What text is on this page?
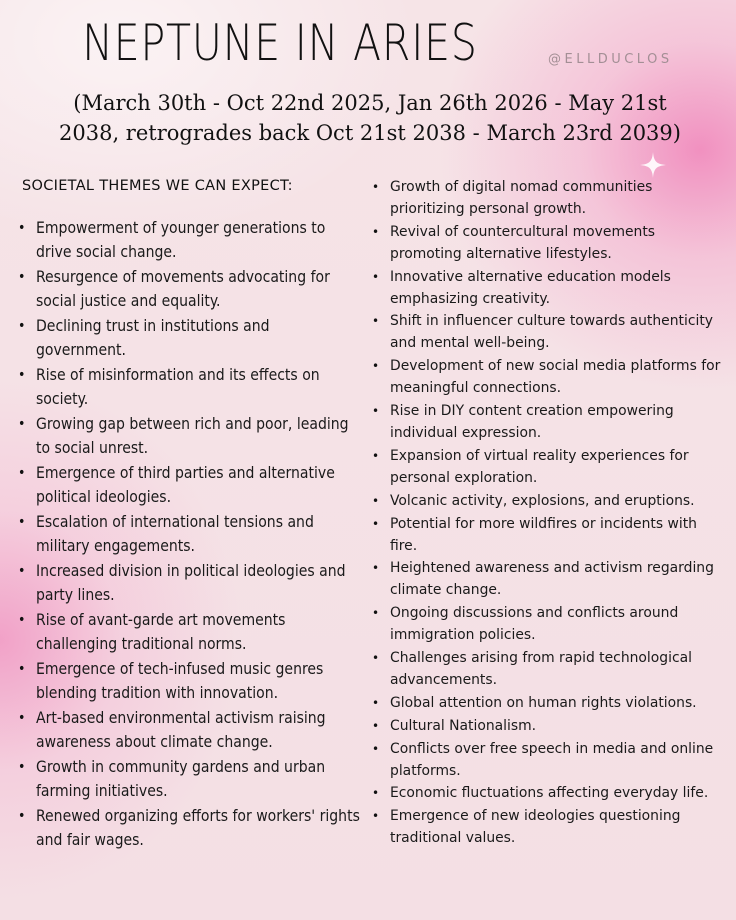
NEPTUNE IN ARIES	@ELLDUCLOS
(March 30th - Oct 22nd 2025, Jan 26th 2026 - May 21st
2038, retrogrades back Oct 21st 2038 - March 23rd 2039)
SOCIETAL THEMES WE CAN EXPECT:
• Empowerment of younger generations to drive social change.
• Resurgence of movements advocating for social justice and equality.
• Declining trust in institutions and government.
• Rise of misinformation and its effects on society.
• Growing gap between rich and poor, leading to social unrest.
• Emergence of third parties and alternative political ideologies.
• Escalation of international tensions and military engagements.
• Increased division in political ideologies and party lines.
• Rise of avant-garde art movements challenging traditional norms.
• Emergence of tech-infused music genres blending tradition with innovation.
• Art-based environmental activism raising awareness about climate change.
• Growth in community gardens and urban farming initiatives.
• Renewed organizing efforts for workers' rights and fair wages.
• Growth of digital nomad communities prioritizing personal growth.
• Revival of countercultural movements promoting alternative lifestyles.
• Innovative alternative education models emphasizing creativity.
• Shift in influencer culture towards authenticity and mental well-being.
• Development of new social media platforms for meaningful connections.
• Rise in DIY content creation empowering individual expression.
• Expansion of virtual reality experiences for personal exploration.
• Volcanic activity, explosions, and eruptions.
• Potential for more wildfires or incidents with fire.
• Heightened awareness and activism regarding climate change.
• Ongoing discussions and conflicts around immigration policies.
• Challenges arising from rapid technological advancements.
• Global attention on human rights violations.
• Cultural Nationalism.
• Conflicts over free speech in media and online platforms.
• Economic fluctuations affecting everyday life.
• Emergence of new ideologies questioning traditional values.
